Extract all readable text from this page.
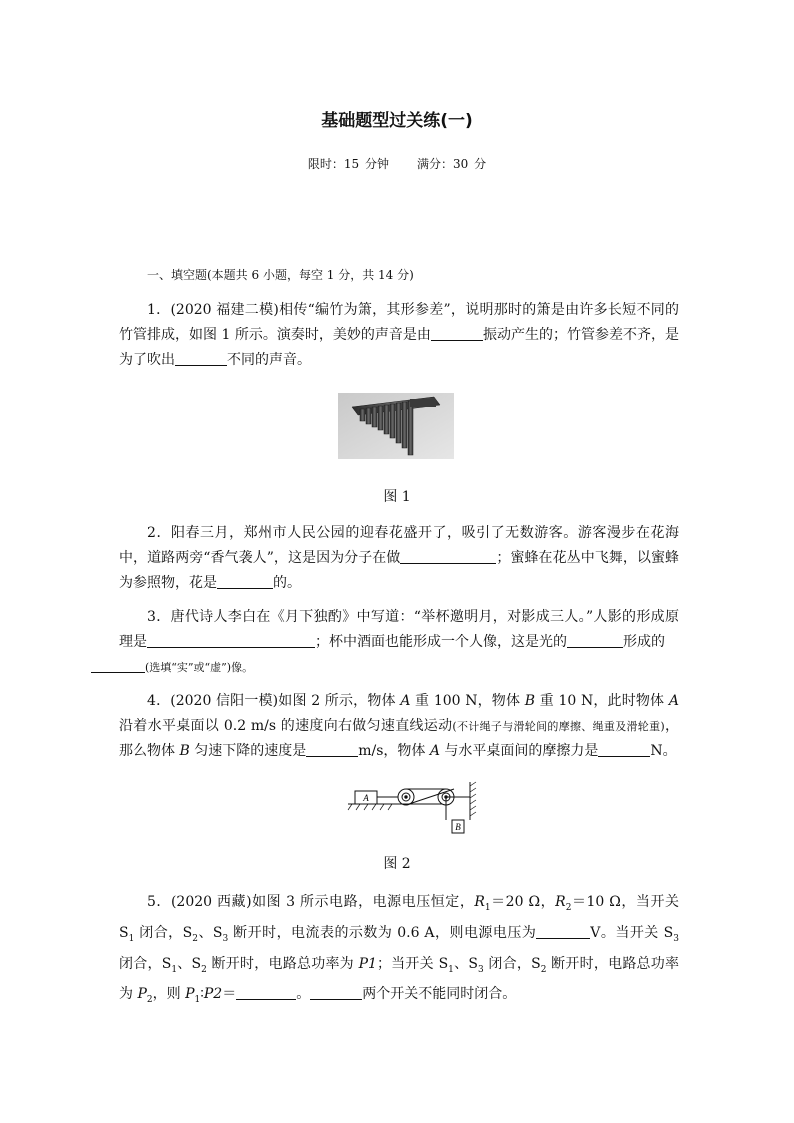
基础题型过关练(一)
限时：15 分钟 满分：30 分
一、填空题(本题共 6 小题，每空 1 分，共 14 分)

1．(2020 福建二模)相传“编竹为箫，其形参差”，说明那时的箫是由许多长短不同的竹管排成，如图 1 所示。演奏时，美妙的声音是由	振动产生的；竹管参差不齐，是为了吹出	不同的声音。

图 1

2．阳春三月，郑州市人民公园的迎春花盛开了，吸引了无数游客。游客漫步在花海中，道路两旁“香气袭人”，这是因为分子在做	；蜜蜂在花丛中飞舞，以蜜蜂为参照物，花是	的。

3．唐代诗人李白在《月下独酌》中写道：“举杯邀明月，对影成三人。”人影的形成原理是	；杯中酒面也能形成一个人像，这是光的	形成的
(选填“实”或“虚”)像。

4．(2020 信阳一模)如图 2 所示，物体 A 重 100 N，物体 B 重 10 N，此时物体 A 沿着水平桌面以 0.2 m/s 的速度向右做匀速直线运动(不计绳子与滑轮间的摩擦、绳重及滑轮重)，那么物体 B 匀速下降的速度是	m/s，物体 A 与水平桌面间的摩擦力是	N。

A
B
图 2

5．(2020 西藏)如图 3 所示电路，电源电压恒定，$R_1=20$ Ω，$R_2=10$ Ω，当开关 $S_1$ 闭合，$S_2$、$S_3$ 断开时，电流表的示数为 0.6 A，则电源电压为	V。当开关 $S_3$ 闭合，$S_1$、$S_2$ 断开时，电路总功率为 P1；当开关 $S_1$、$S_3$ 闭合，$S_2$ 断开时，电路总功率为 $P_2$，则 $P_1∶P2=$	。	两个开关不能同时闭合。
